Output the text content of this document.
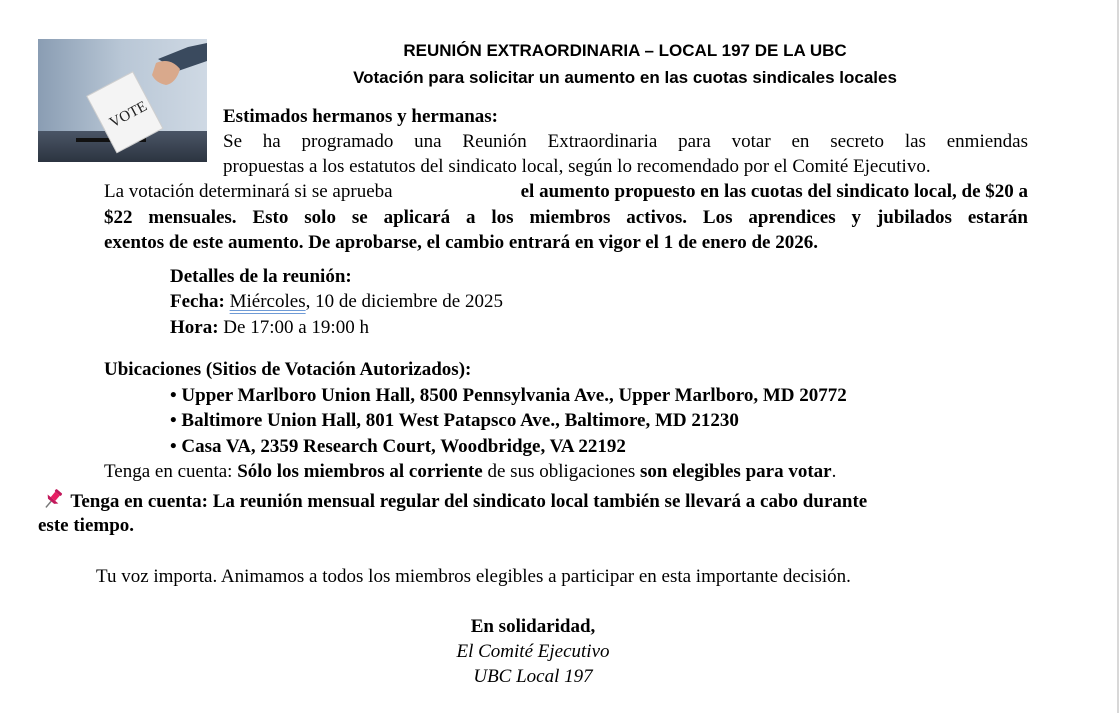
VOTE
REUNIÓN EXTRAORDINARIA – LOCAL 197 DE LA UBC
Votación para solicitar un aumento en las cuotas sindicales locales
Estimados hermanos y hermanas:
Se ha programado una Reunión Extraordinaria para votar en secreto las enmiendas
propuestas a los estatutos del sindicato local, según lo recomendado por el Comité Ejecutivo.
La votación determinará si se aprueba	el aumento propuesto en las cuotas del sindicato local, de $20 a
$22 mensuales. Esto solo se aplicará a los miembros activos. Los aprendices y jubilados estarán
exentos de este aumento. De aprobarse, el cambio entrará en vigor el 1 de enero de 2026.
Detalles de la reunión:
Fecha: Miércoles, 10 de diciembre de 2025
Hora: De 17:00 a 19:00 h
Ubicaciones (Sitios de Votación Autorizados):
• Upper Marlboro Union Hall, 8500 Pennsylvania Ave., Upper Marlboro, MD 20772
• Baltimore Union Hall, 801 West Patapsco Ave., Baltimore, MD 21230
• Casa VA, 2359 Research Court, Woodbridge, VA 22192
Tenga en cuenta: Sólo los miembros al corriente de sus obligaciones son elegibles para votar.
Tenga en cuenta: La reunión mensual regular del sindicato local también se llevará a cabo durante
este tiempo.
Tu voz importa. Animamos a todos los miembros elegibles a participar en esta importante decisión.
En solidaridad,
El Comité Ejecutivo
UBC Local 197
